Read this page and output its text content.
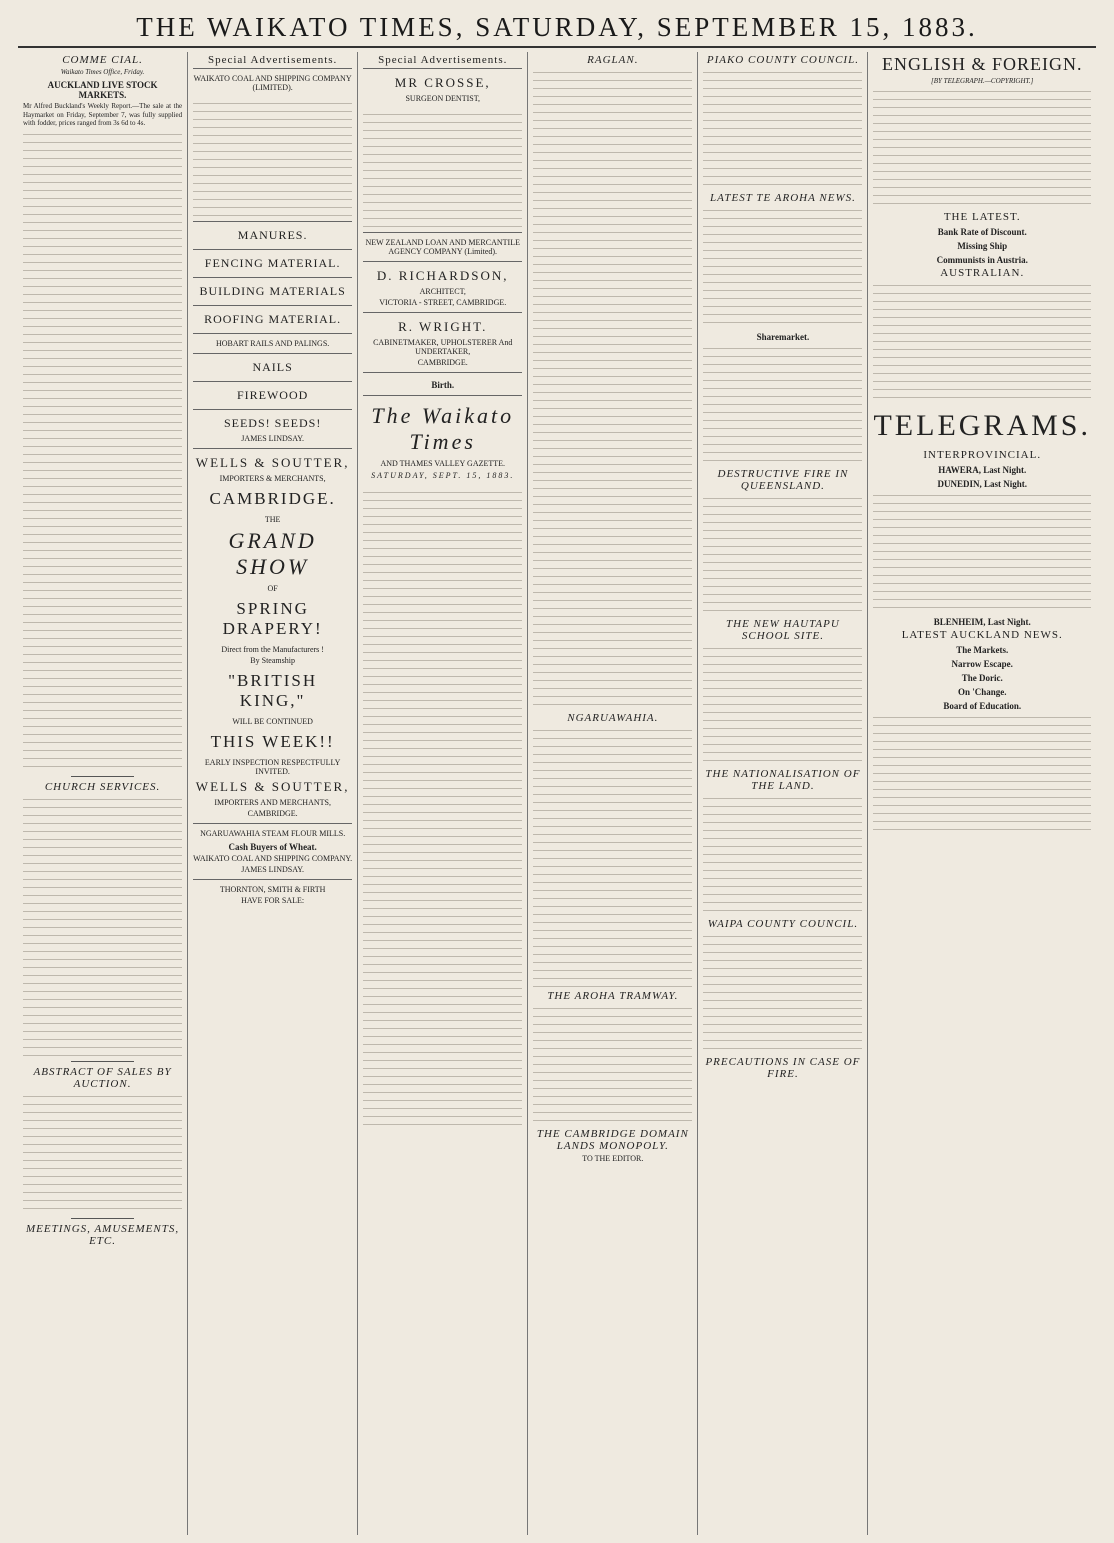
THE WAIKATO TIMES, SATURDAY, SEPTEMBER 15, 1883.
COMME CIAL.
Waikato Times Office, Friday.
AUCKLAND LIVE STOCK MARKETS.
Mr Alfred Buckland's Weekly Report.—The sale at the Haymarket on Friday, September 7, was fully supplied with fodder, prices ranged from 3s 6d to 4s.
CHURCH SERVICES.
ABSTRACT OF SALES BY AUCTION.
MEETINGS, AMUSEMENTS, ETC.
Special Advertisements.
WAIKATO COAL AND SHIPPING COMPANY (LIMITED).
MANURES.
FENCING MATERIAL.
BUILDING MATERIALS
ROOFING MATERIAL.
HOBART RAILS AND PALINGS.
NAILS
FIREWOOD
SEEDS! SEEDS!
JAMES LINDSAY.
WELLS & SOUTTER,
IMPORTERS & MERCHANTS,
CAMBRIDGE.
THE
GRAND SHOW
OF
SPRING DRAPERY!
Direct from the Manufacturers !
By Steamship
"BRITISH KING,"
WILL BE CONTINUED
THIS WEEK!!
EARLY INSPECTION RESPECTFULLY INVITED.
WELLS & SOUTTER,
IMPORTERS AND MERCHANTS,
CAMBRIDGE.
NGARUAWAHIA STEAM FLOUR MILLS.
Cash Buyers of Wheat.
WAIKATO COAL AND SHIPPING COMPANY.
JAMES LINDSAY.
THORNTON, SMITH & FIRTH
HAVE FOR SALE:
Special Advertisements.
MR CROSSE,
SURGEON DENTIST,
NEW ZEALAND LOAN AND MERCANTILE AGENCY COMPANY (Limited).
D. RICHARDSON,
ARCHITECT,
VICTORIA - STREET, CAMBRIDGE.
R. WRIGHT.
CABINETMAKER, UPHOLSTERER And UNDERTAKER,
CAMBRIDGE.
Birth.
The Waikato Times
AND THAMES VALLEY GAZETTE.
SATURDAY, SEPT. 15, 1883.
RAGLAN.
NGARUAWAHIA.
THE AROHA TRAMWAY.
THE CAMBRIDGE DOMAIN LANDS MONOPOLY.
TO THE EDITOR.
PIAKO COUNTY COUNCIL.
LATEST TE AROHA NEWS.
Sharemarket.
DESTRUCTIVE FIRE IN QUEENSLAND.
THE NEW HAUTAPU SCHOOL SITE.
THE NATIONALISATION OF THE LAND.
WAIPA COUNTY COUNCIL.
PRECAUTIONS IN CASE OF FIRE.
ENGLISH & FOREIGN.
[BY TELEGRAPH.—COPYRIGHT.]
THE LATEST.
Bank Rate of Discount.
Missing Ship
Communists in Austria.
AUSTRALIAN.
TELEGRAMS.
INTERPROVINCIAL.
HAWERA, Last Night.
DUNEDIN, Last Night.
BLENHEIM, Last Night.
LATEST AUCKLAND NEWS.
The Markets.
Narrow Escape.
The Doric.
On 'Change.
Board of Education.
